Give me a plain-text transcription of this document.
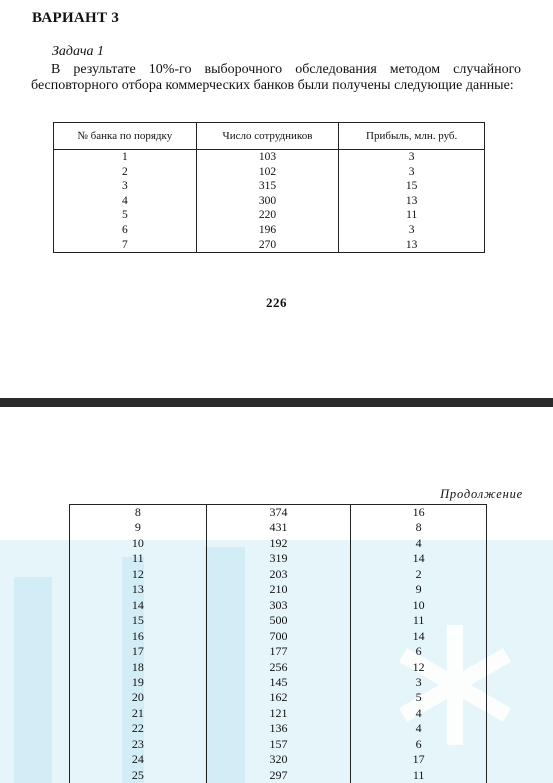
ВАРИАНТ 3
Задача 1

В результате 10%-го выборочного обследования методом случайного бесповторного отбора коммерческих банков были получены следующие данные:

№ банка по порядку	Число сотрудников	Прибыль, млн. руб.
1	103	3
2	102	3
3	315	15
4	300	13
5	220	11
6	196	3
7	270	13
226
Продолжение
8	374	16
9	431	8
10	192	4
11	319	14
12	203	2
13	210	9
14	303	10
15	500	11
16	700	14
17	177	6
18	256	12
19	145	3
20	162	5
21	121	4
22	136	4
23	157	6
24	320	17
25	297	11
